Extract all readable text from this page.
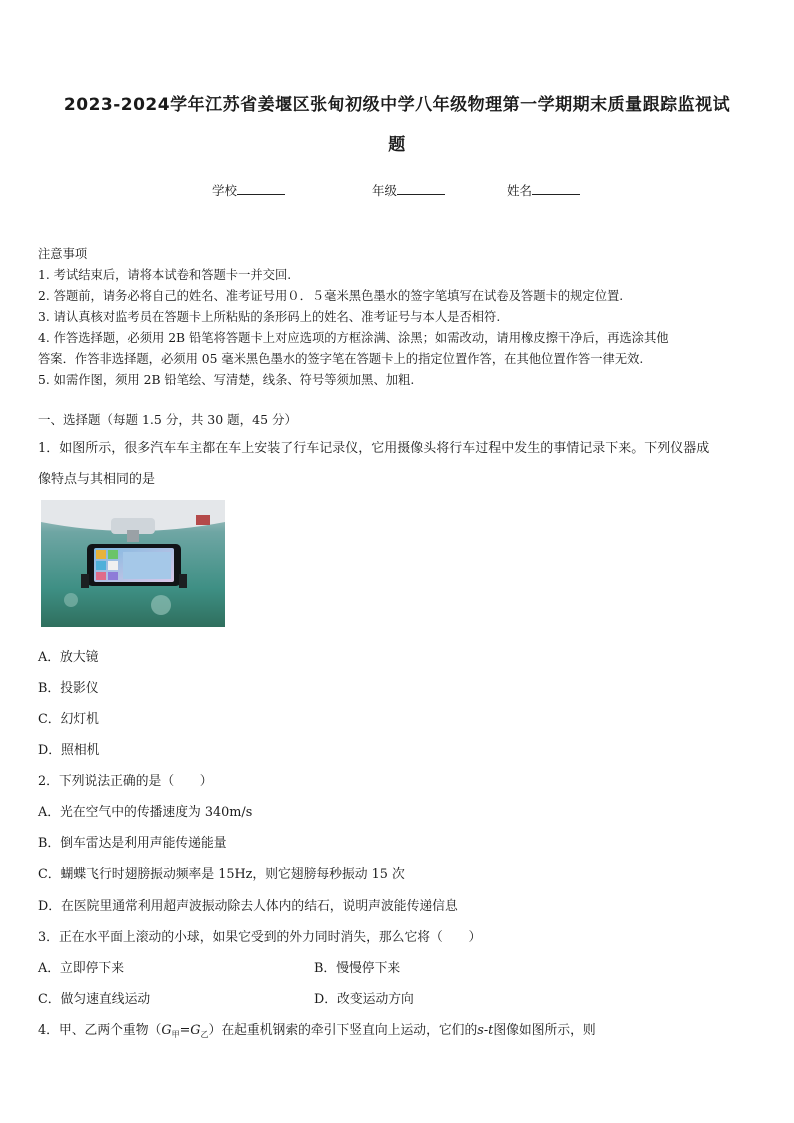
2023-2024学年江苏省姜堰区张甸初级中学八年级物理第一学期期末质量跟踪监视试
题
学校	年级	姓名
注意事项
1. 考试结束后，请将本试卷和答题卡一并交回.
2. 答题前，请务必将自己的姓名、准考证号用０．５毫米黑色墨水的签字笔填写在试卷及答题卡的规定位置.
3. 请认真核对监考员在答题卡上所粘贴的条形码上的姓名、准考证号与本人是否相符.
4. 作答选择题，必须用 2B 铅笔将答题卡上对应选项的方框涂满、涂黑；如需改动，请用橡皮擦干净后，再选涂其他
答案．作答非选择题，必须用 05 毫米黑色墨水的签字笔在答题卡上的指定位置作答，在其他位置作答一律无效.
5. 如需作图，须用 2B 铅笔绘、写清楚，线条、符号等须加黑、加粗.
一、选择题（每题 1.5 分，共 30 题，45 分）
1．如图所示，很多汽车车主都在车上安装了行车记录仪，它用摄像头将行车过程中发生的事情记录下来。下列仪器成
像特点与其相同的是
A．放大镜
B．投影仪
C．幻灯机
D．照相机
2．下列说法正确的是（　　）
A．光在空气中的传播速度为 340m/s
B．倒车雷达是利用声能传递能量
C．蝴蝶飞行时翅膀振动频率是 15Hz，则它翅膀每秒振动 15 次
D．在医院里通常利用超声波振动除去人体内的结石，说明声波能传递信息
3．正在水平面上滚动的小球，如果它受到的外力同时消失，那么它将（　　）
A．立即停下来	B．慢慢停下来
C．做匀速直线运动	D．改变运动方向
4．甲、乙两个重物$(G_甲=G_乙)$在起重机钢索的牵引下竖直向上运动，它们的s-t图像如图所示，则
